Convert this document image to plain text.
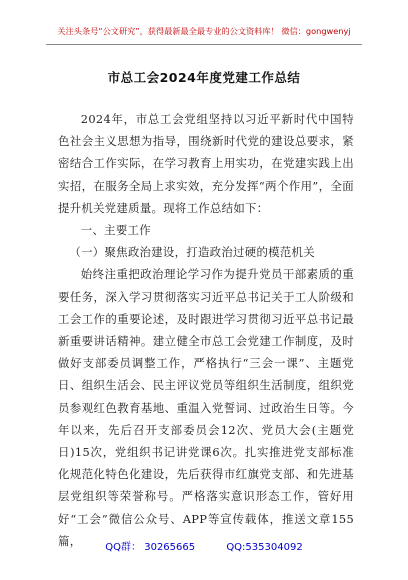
关注头条号“公文研究”，获得最新最全最专业的公文资料库！ 微信：gongwenyj
市总工会2024年度党建工作总结

2024年，市总工会党组坚持以习近平新时代中国特色社会主义思想为指导，围绕新时代党的建设总要求，紧密结合工作实际，在学习教育上用实功，在党建实践上出实招，在服务全局上求实效，充分发挥“两个作用”，全面提升机关党建质量。现将工作总结如下：

一、主要工作

（一）聚焦政治建设，打造政治过硬的模范机关

始终注重把政治理论学习作为提升党员干部素质的重要任务，深入学习贯彻落实习近平总书记关于工人阶级和工会工作的重要论述，及时跟进学习贯彻习近平总书记最新重要讲话精神。建立健全市总工会党建工作制度，及时做好支部委员调整工作，严格执行“三会一课”、主题党日、组织生活会、民主评议党员等组织生活制度，组织党员参观红色教育基地、重温入党誓词、过政治生日等。今年以来，先后召开支部委员会12次、党员大会(主题党日)15次，党组织书记讲党课6次。扎实推进党支部标准化规范化特色化建设，先后获得市红旗党支部、和先进基层党组织等荣誉称号。严格落实意识形态工作，管好用好“工会”微信公众号、APP等宣传载体，推送文章155篇，	QQ群： 30265665	QQ:535304092
